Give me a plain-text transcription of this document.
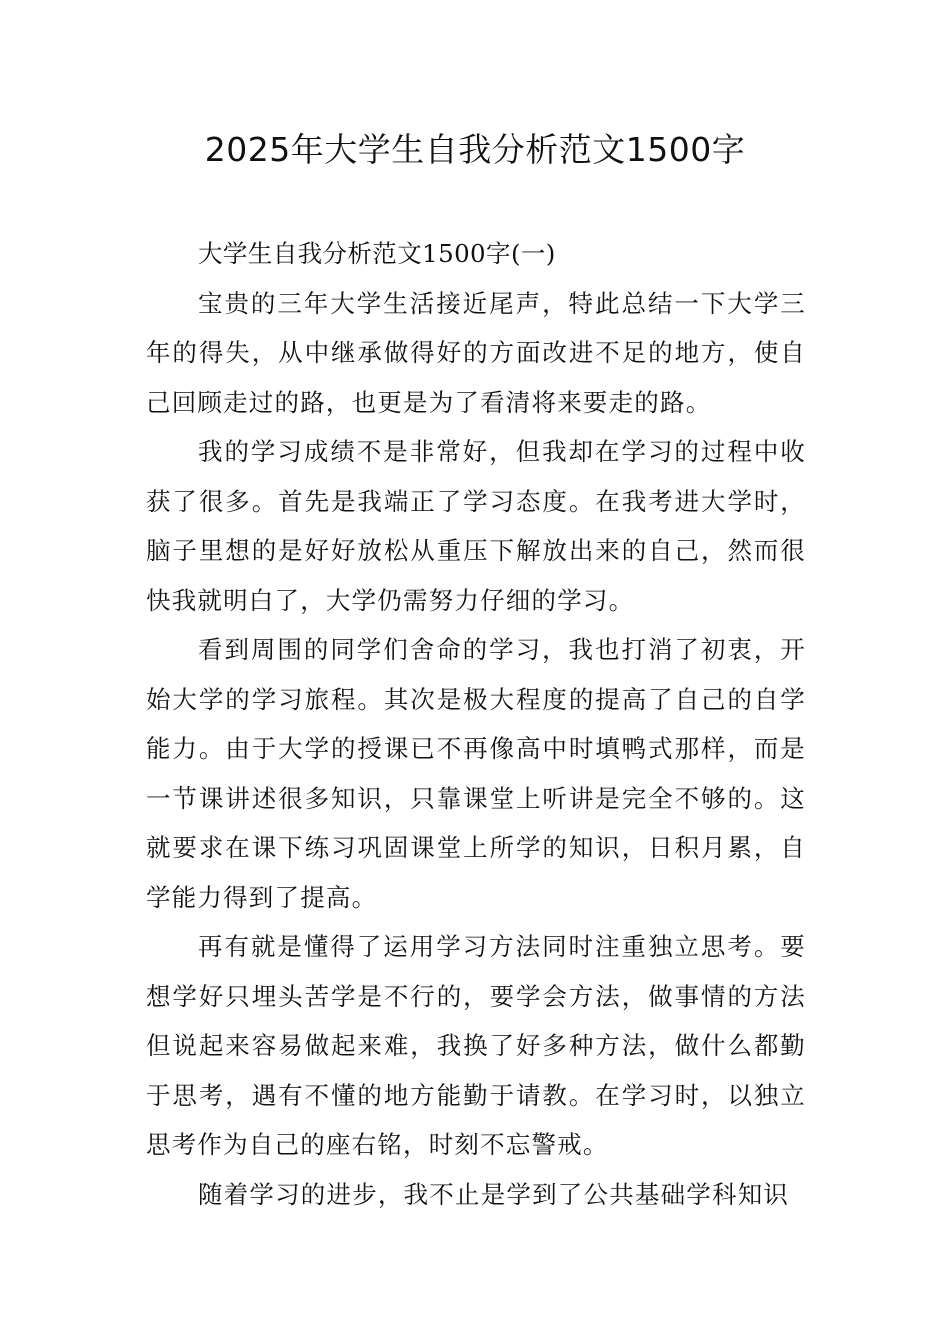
2025年大学生自我分析范文1500字

大学生自我分析范文1500字(一)

宝贵的三年大学生活接近尾声，特此总结一下大学三年的得失，从中继承做得好的方面改进不足的地方，使自己回顾走过的路，也更是为了看清将来要走的路。

我的学习成绩不是非常好，但我却在学习的过程中收获了很多。首先是我端正了学习态度。在我考进大学时，脑子里想的是好好放松从重压下解放出来的自己，然而很快我就明白了，大学仍需努力仔细的学习。

看到周围的同学们舍命的学习，我也打消了初衷，开始大学的学习旅程。其次是极大程度的提高了自己的自学能力。由于大学的授课已不再像高中时填鸭式那样，而是一节课讲述很多知识，只靠课堂上听讲是完全不够的。这就要求在课下练习巩固课堂上所学的知识，日积月累，自学能力得到了提高。

再有就是懂得了运用学习方法同时注重独立思考。要想学好只埋头苦学是不行的，要学会方法，做事情的方法但说起来容易做起来难，我换了好多种方法，做什么都勤于思考，遇有不懂的地方能勤于请教。在学习时，以独立思考作为自己的座右铭，时刻不忘警戒。

随着学习的进步，我不止是学到了公共基础学科知识
